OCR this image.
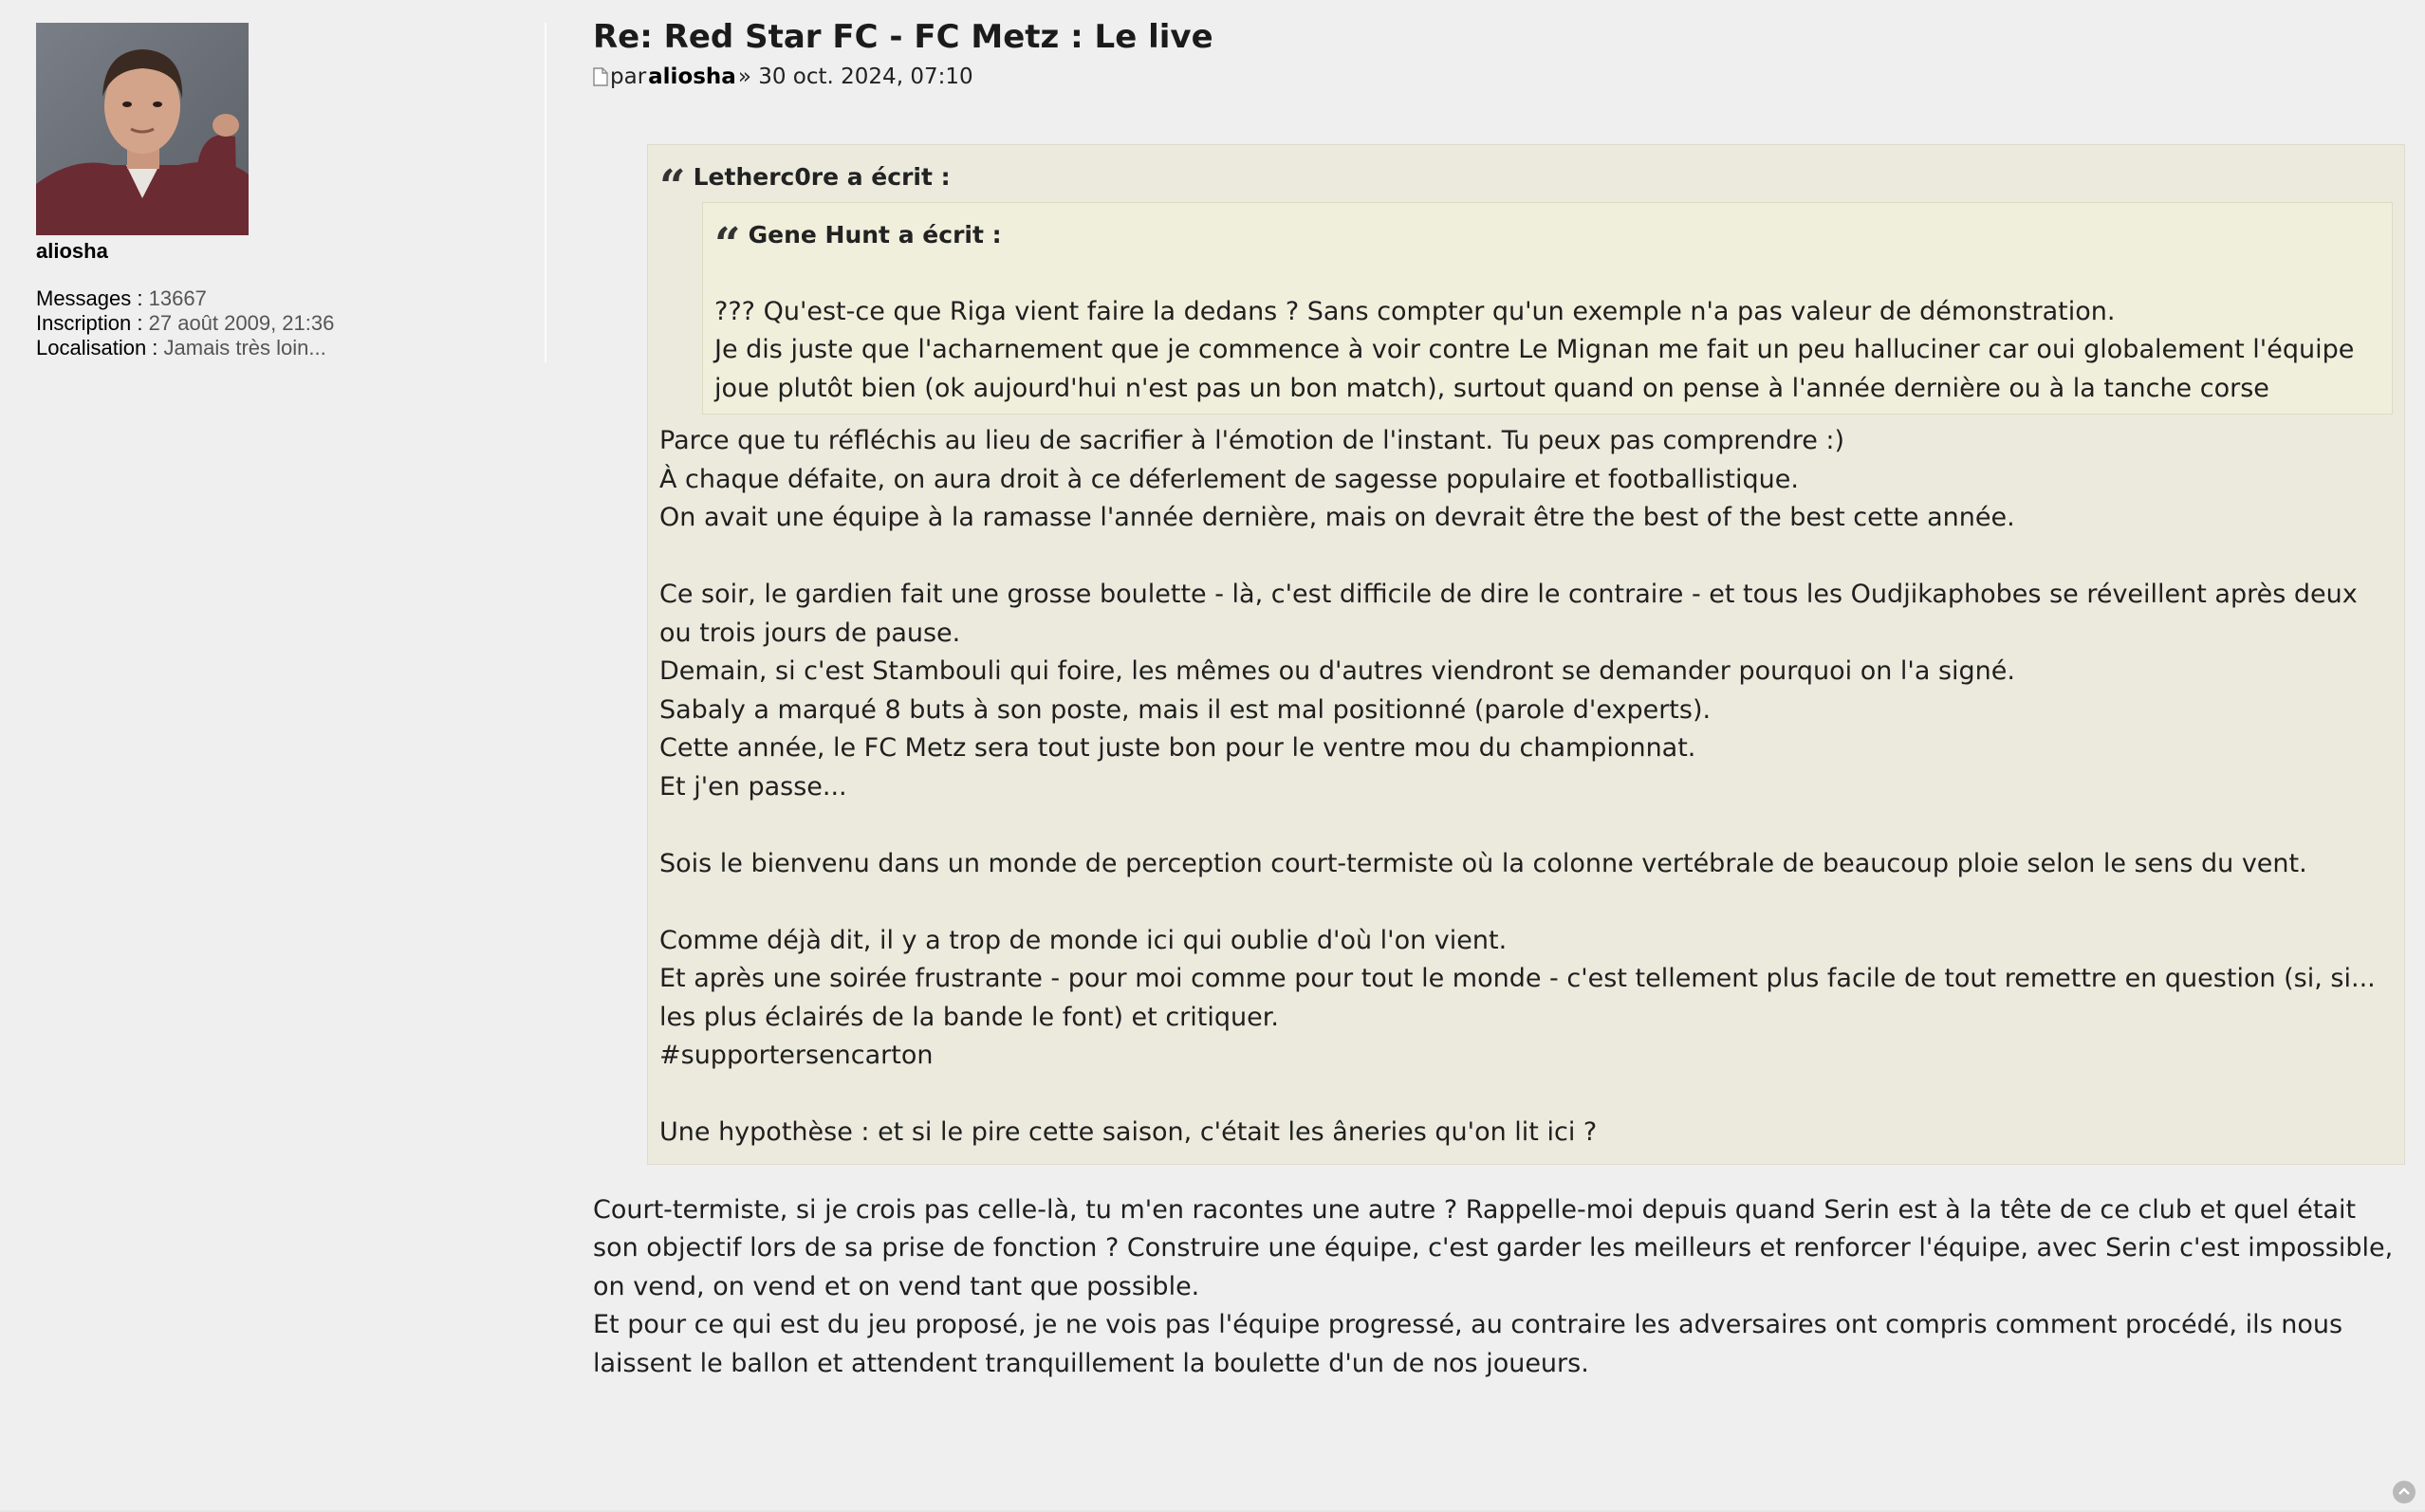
aliosha
Messages : 13667
Inscription : 27 août 2009, 21:36
Localisation : Jamais très loin...
Re: Red Star FC - FC Metz : Le live
par aliosha » 30 oct. 2024, 07:10
“ Letherc0re a écrit :
“ Gene Hunt a écrit :
??? Qu'est-ce que Riga vient faire la dedans ? Sans compter qu'un exemple n'a pas valeur de démonstration.
Je dis juste que l'acharnement que je commence à voir contre Le Mignan me fait un peu halluciner car oui globalement l'équipe joue plutôt bien (ok aujourd'hui n'est pas un bon match), surtout quand on pense à l'année dernière ou à la tanche corse
Parce que tu réfléchis au lieu de sacrifier à l'émotion de l'instant. Tu peux pas comprendre :)
À chaque défaite, on aura droit à ce déferlement de sagesse populaire et footballistique.
On avait une équipe à la ramasse l'année dernière, mais on devrait être the best of the best cette année.
Ce soir, le gardien fait une grosse boulette - là, c'est difficile de dire le contraire - et tous les Oudjikaphobes se réveillent après deux ou trois jours de pause.
Demain, si c'est Stambouli qui foire, les mêmes ou d'autres viendront se demander pourquoi on l'a signé.
Sabaly a marqué 8 buts à son poste, mais il est mal positionné (parole d'experts).
Cette année, le FC Metz sera tout juste bon pour le ventre mou du championnat.
Et j'en passe...
Sois le bienvenu dans un monde de perception court-termiste où la colonne vertébrale de beaucoup ploie selon le sens du vent.
Comme déjà dit, il y a trop de monde ici qui oublie d'où l'on vient.
Et après une soirée frustrante - pour moi comme pour tout le monde - c'est tellement plus facile de tout remettre en question (si, si... les plus éclairés de la bande le font) et critiquer.
#supportersencarton
Une hypothèse : et si le pire cette saison, c'était les âneries qu'on lit ici ?
Court-termiste, si je crois pas celle-là, tu m'en racontes une autre ? Rappelle-moi depuis quand Serin est à la tête de ce club et quel était son objectif lors de sa prise de fonction ? Construire une équipe, c'est garder les meilleurs et renforcer l'équipe, avec Serin c'est impossible, on vend, on vend et on vend tant que possible.
Et pour ce qui est du jeu proposé, je ne vois pas l'équipe progressé, au contraire les adversaires ont compris comment procédé, ils nous laissent le ballon et attendent tranquillement la boulette d'un de nos joueurs.
